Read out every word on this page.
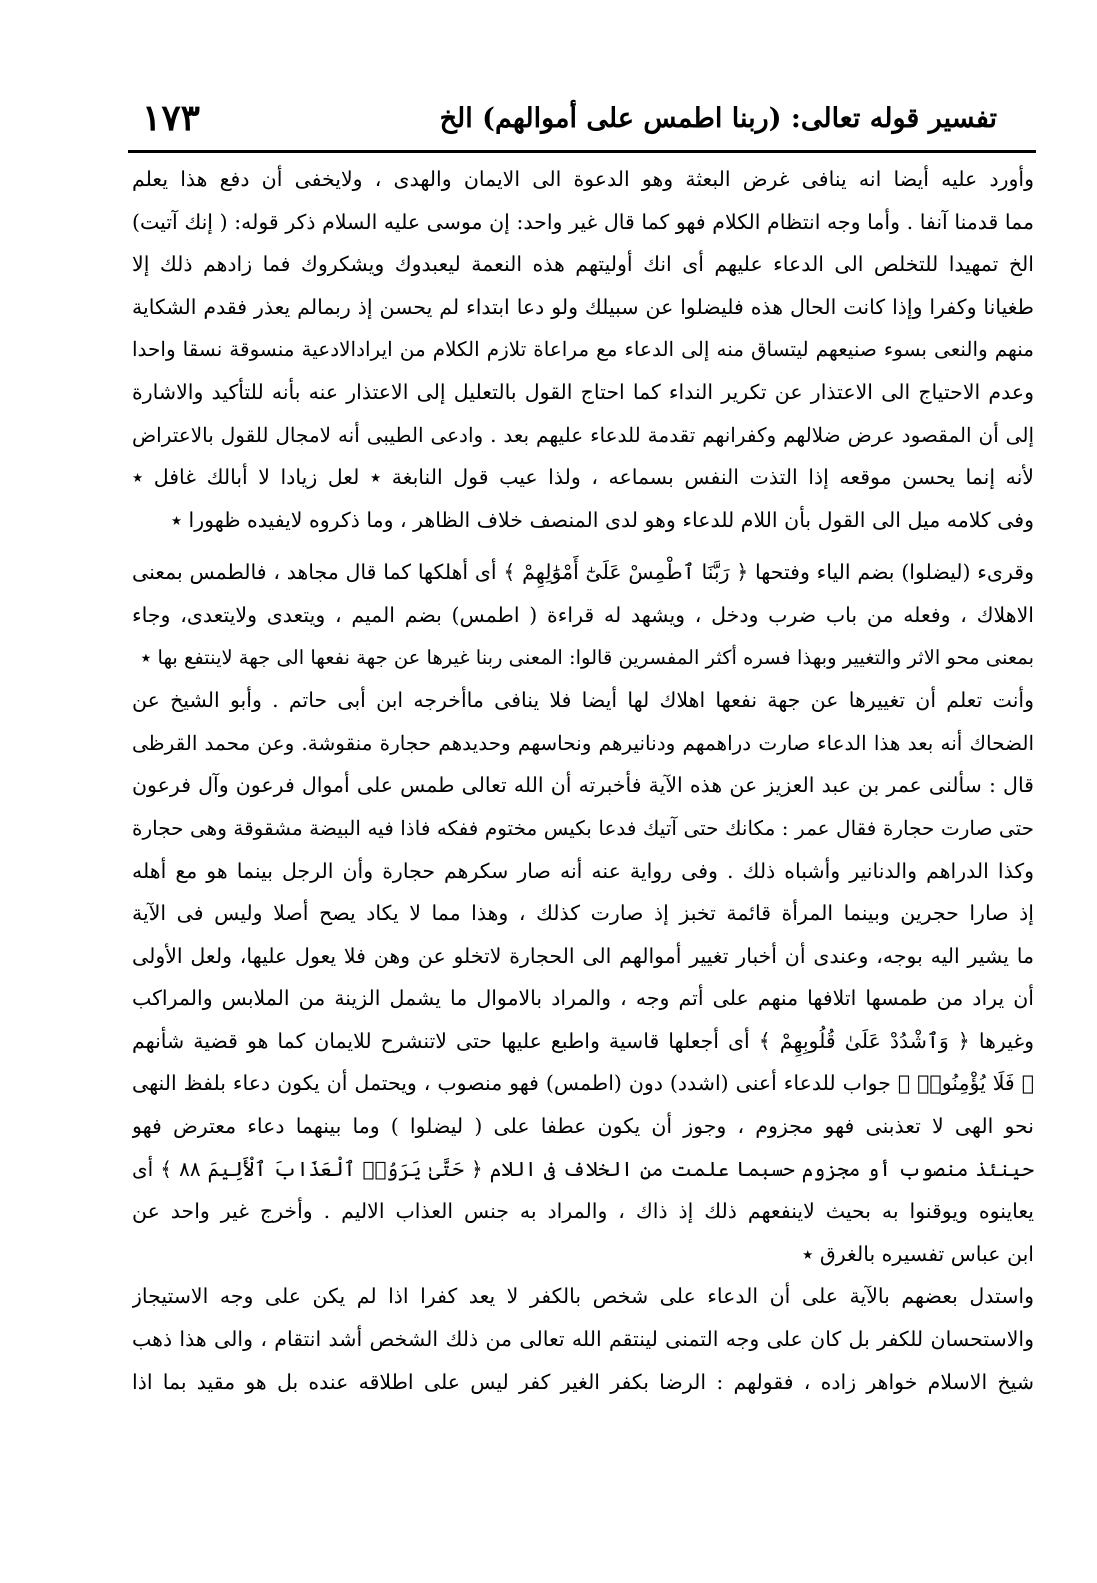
١٧٣	تفسير قوله تعالى: (ربنا اطمس على أموالهم) الخ
وأورد عليه أيضا انه ينافى غرض البعثة وهو الدعوة الى الايمان والهدى ، ولايخفى أن دفع هذا يعلم
مما قدمنا آنفا . وأما وجه انتظام الكلام فهو كما قال غير واحد: إن موسى عليه السلام ذكر قوله: ( إنك آتيت)
الخ تمهيدا للتخلص الى الدعاء عليهم أى انك أوليتهم هذه النعمة ليعبدوك ويشكروك فما زادهم ذلك إلا
طغيانا وكفرا وإذا كانت الحال هذه فليضلوا عن سبيلك ولو دعا ابتداء لم يحسن إذ ربمالم يعذر فقدم الشكاية
منهم والنعى بسوء صنيعهم ليتساق منه إلى الدعاء مع مراعاة تلازم الكلام من ايرادالادعية منسوقة نسقا واحدا
وعدم الاحتياج الى الاعتذار عن تكرير النداء كما احتاج القول بالتعليل إلى الاعتذار عنه بأنه للتأكيد والاشارة
إلى أن المقصود عرض ضلالهم وكفرانهم تقدمة للدعاء عليهم بعد . وادعى الطيبى أنه لامجال للقول بالاعتراض
لأنه إنما يحسن موقعه إذا التذت النفس بسماعه ، ولذا عيب قول النابغة ٭ لعل زيادا لا أبالك غافل ٭
وفى كلامه ميل الى القول بأن اللام للدعاء وهو لدى المنصف خلاف الظاهر ، وما ذكروه لايفيده ظهورا ٭
وقرىء (ليضلوا) بضم الياء وفتحها ﴿ رَبَّنَا ٱطْمِسْ عَلَىٰٓ أَمْوَٰلِهِمْ ﴾ أى أهلكها كما قال مجاهد ، فالطمس بمعنى
الاهلاك ، وفعله من باب ضرب ودخل ، ويشهد له قراءة ( اطمس) بضم الميم ، ويتعدى ولايتعدى، وجاء
بمعنى محو الاثر والتغيير وبهذا فسره أكثر المفسرين قالوا: المعنى ربنا غيرها عن جهة نفعها الى جهة لاينتفع بها ٭
وأنت تعلم أن تغييرها عن جهة نفعها اهلاك لها أيضا فلا ينافى ماأخرجه ابن أبى حاتم . وأبو الشيخ عن
الضحاك أنه بعد هذا الدعاء صارت دراهمهم ودنانيرهم ونحاسهم وحديدهم حجارة منقوشة. وعن محمد القرظى
قال : سألنى عمر بن عبد العزيز عن هذه الآية فأخبرته أن الله تعالى طمس على أموال فرعون وآل فرعون
حتى صارت حجارة فقال عمر : مكانك حتى آتيك فدعا بكيس مختوم ففكه فاذا فيه البيضة مشقوقة وهى حجارة
وكذا الدراهم والدنانير وأشباه ذلك . وفى رواية عنه أنه صار سكرهم حجارة وأن الرجل بينما هو مع أهله
إذ صارا حجرين وبينما المرأة قائمة تخبز إذ صارت كذلك ، وهذا مما لا يكاد يصح أصلا وليس فى الآية
ما يشير اليه بوجه، وعندى أن أخبار تغيير أموالهم الى الحجارة لاتخلو عن وهن فلا يعول عليها، ولعل الأولى
أن يراد من طمسها اتلافها منهم على أتم وجه ، والمراد بالاموال ما يشمل الزينة من الملابس والمراكب
وغيرها ﴿ وَٱشْدُدْ عَلَىٰ قُلُوبِهِمْ ﴾ أى أجعلها قاسية واطبع عليها حتى لاتنشرح للايمان كما هو قضية شأنهم
﴿ فَلَا يُؤْمِنُوا۟ ﴾ جواب للدعاء أعنى (اشدد) دون (اطمس) فهو منصوب ، ويحتمل أن يكون دعاء بلفظ النهى
نحو الهى لا تعذبنى فهو مجزوم ، وجوز أن يكون عطفا على ( ليضلوا ) وما بينهما دعاء معترض فهو
حينئذ منصوب أو مجزوم حسبما علمت من الخلاف فى اللام ﴿ حَتَّىٰ يَرَوُا۟ ٱلْعَذَابَ ٱلْأَلِيمَ ٨٨ ﴾ أى
يعاينوه ويوقنوا به بحيث لاينفعهم ذلك إذ ذاك ، والمراد به جنس العذاب الاليم . وأخرج غير واحد عن
ابن عباس تفسيره بالغرق ٭
واستدل بعضهم بالآية على أن الدعاء على شخص بالكفر لا يعد كفرا اذا لم يكن على وجه الاستيجاز
والاستحسان للكفر بل كان على وجه التمنى لينتقم الله تعالى من ذلك الشخص أشد انتقام ، والى هذا ذهب
شيخ الاسلام خواهر زاده ، فقولهم : الرضا بكفر الغير كفر ليس على اطلاقه عنده بل هو مقيد بما اذا
